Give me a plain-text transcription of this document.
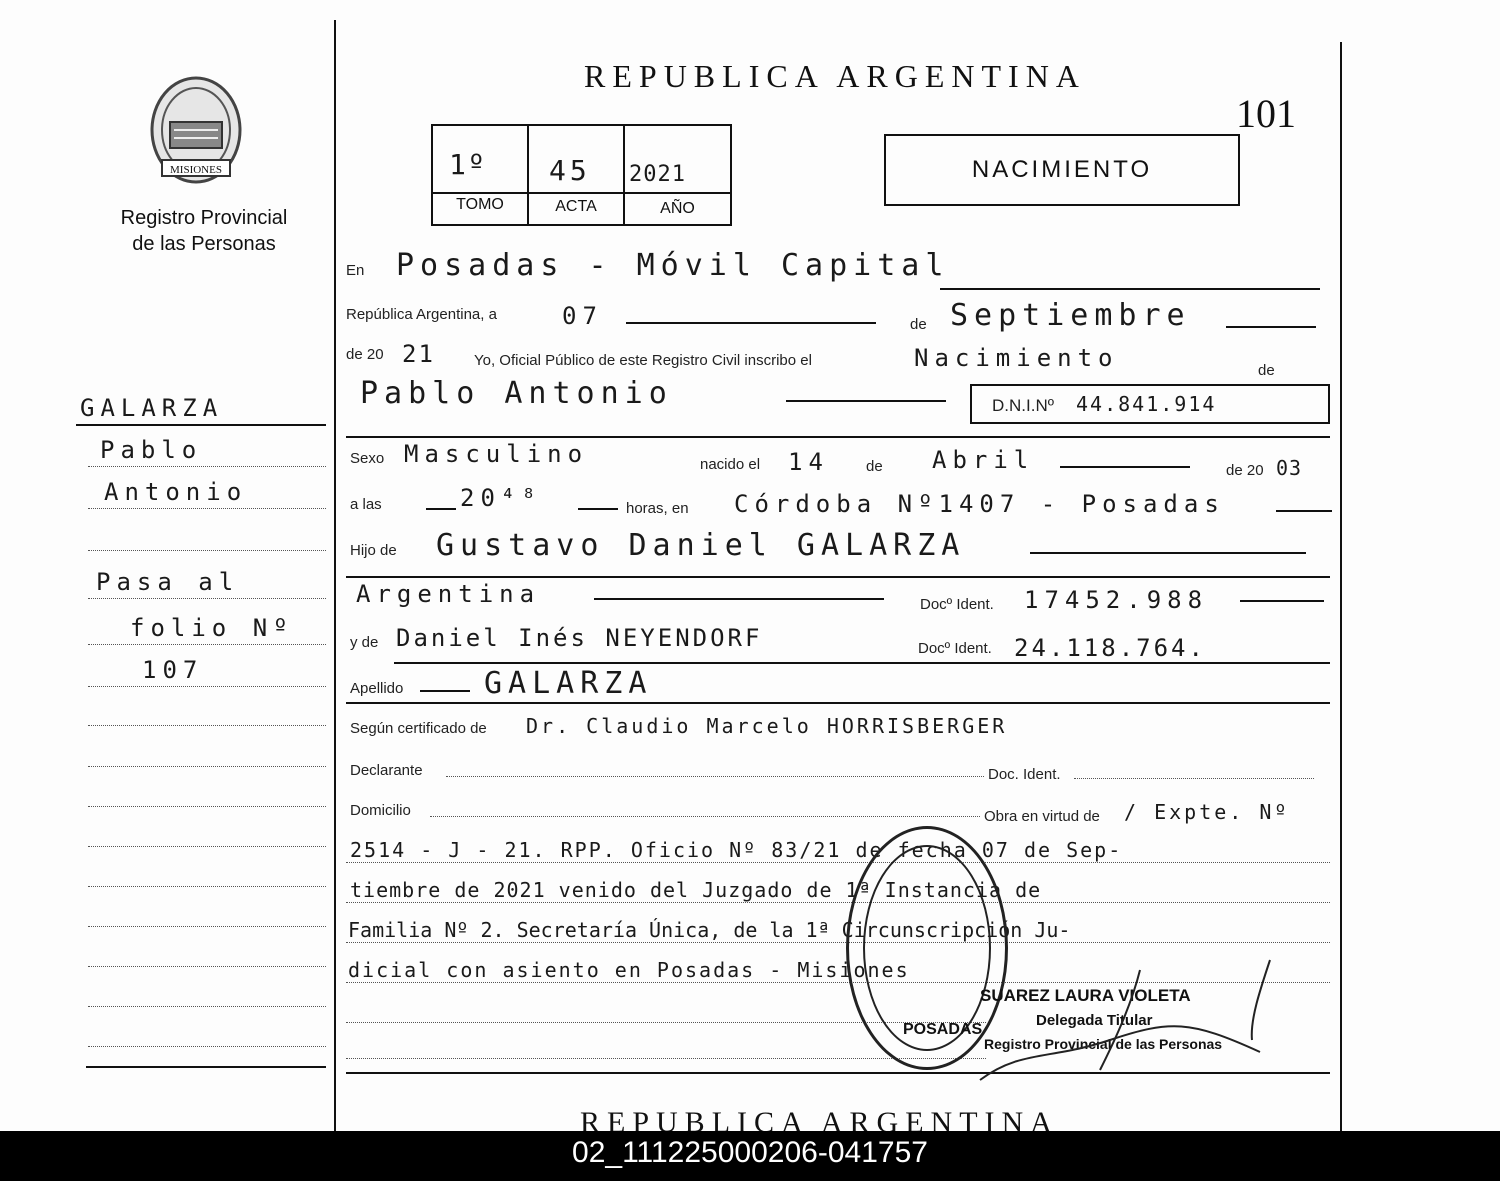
MISIONES
Registro Provincial
de las Personas
GALARZA
Pablo
Antonio
Pasa al
folio Nº
107
REPUBLICA ARGENTINA
101
1º 45 2021
TOMO	ACTA	AÑO
NACIMIENTO
En Posadas - Móvil Capital
República Argentina, a	07	de Septiembre
de 20 21	Yo, Oficial Público de este Registro Civil inscribo el	Nacimiento	de
Pablo Antonio	D.N.I.Nº 44.841.914
Sexo Masculino	nacido el 14 de Abril	de 20 03
a las	20⁴⁸	horas, en Córdoba Nº1407 - Posadas
Hijo de Gustavo Daniel GALARZA
Argentina	Docº Ident. 17452.988
y de Daniel Inés NEYENDORF	Docº Ident. 24.118.764.
Apellido	GALARZA
Según certificado de Dr. Claudio Marcelo HORRISBERGER
Declarante	Doc. Ident.
Domicilio	Obra en virtud de / Expte. Nº
2514 - J - 21. RPP. Oficio Nº 83/21 de fecha 07 de Sep-
tiembre de 2021 venido del Juzgado de 1ª Instancia de
Familia Nº 2. Secretaría Única, de la 1ª Circunscripción Ju-
dicial con asiento en Posadas - Misiones
POSADAS
SUAREZ LAURA VIOLETA
Delegada Titular
Registro Provincial de las Personas
REPUBLICA ARGENTINA
02_111225000206-041757
